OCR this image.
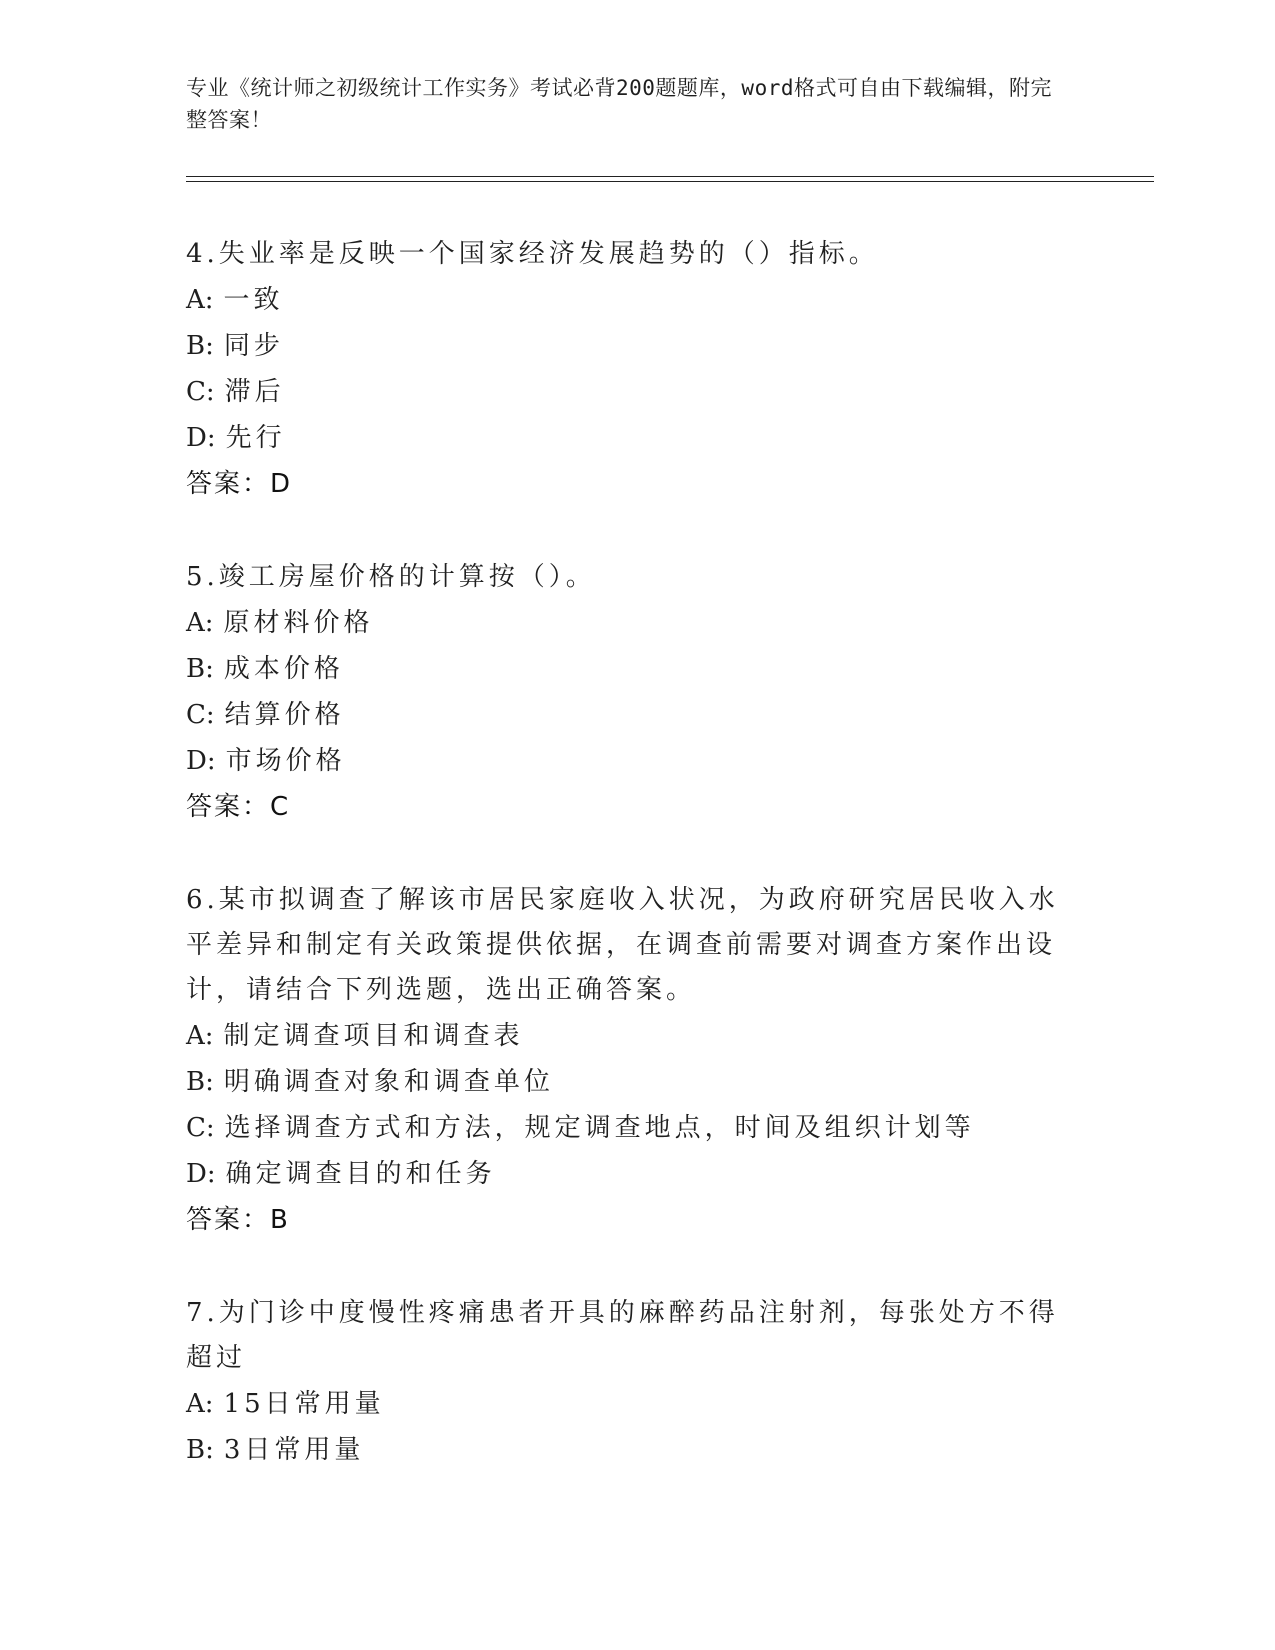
专业《统计师之初级统计工作实务》考试必背200题题库，word格式可自由下载编辑，附完整答案！

4.失业率是反映一个国家经济发展趋势的（）指标。

A: 一致
B: 同步
C: 滞后
D: 先行
答案：D

5.竣工房屋价格的计算按（）。

A: 原材料价格
B: 成本价格
C: 结算价格
D: 市场价格
答案：C

6.某市拟调查了解该市居民家庭收入状况，为政府研究居民收入水平差异和制定有关政策提供依据，在调查前需要对调查方案作出设计，请结合下列选题，选出正确答案。

A: 制定调查项目和调查表
B: 明确调查对象和调查单位
C: 选择调查方式和方法，规定调查地点，时间及组织计划等
D: 确定调查目的和任务
答案：B

7.为门诊中度慢性疼痛患者开具的麻醉药品注射剂，每张处方不得超过

A: 15日常用量
B: 3日常用量
